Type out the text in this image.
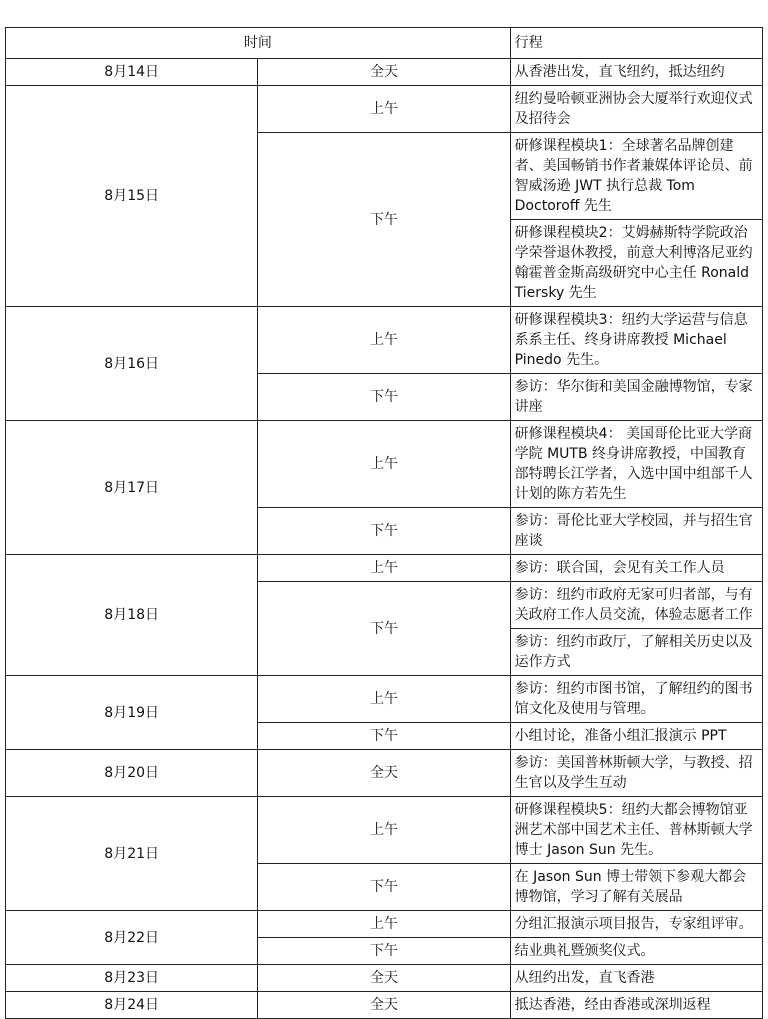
时间		行程
8月14日	全天	从香港出发，直飞纽约，抵达纽约
8月15日	上午	纽约曼哈顿亚洲协会大厦举行欢迎仪式及招待会
	下午	研修课程模块1：全球著名品牌创建者、美国畅销书作者兼媒体评论员、前智威汤逊 JWT 执行总裁 Tom Doctoroff 先生
		研修课程模块2：艾姆赫斯特学院政治学荣誉退休教授，前意大利博洛尼亚约翰霍普金斯高级研究中心主任 Ronald Tiersky 先生
8月16日	上午	研修课程模块3：纽约大学运营与信息系系主任、终身讲席教授 Michael Pinedo 先生。
	下午	参访：华尔街和美国金融博物馆，专家讲座
8月17日	上午	研修课程模块4： 美国哥伦比亚大学商学院 MUTB 终身讲席教授，中国教育部特聘长江学者，入选中国中组部千人计划的陈方若先生
	下午	参访：哥伦比亚大学校园，并与招生官座谈
8月18日	上午	参访：联合国，会见有关工作人员
	下午	参访：纽约市政府无家可归者部，与有关政府工作人员交流，体验志愿者工作
		参访：纽约市政厅，了解相关历史以及运作方式
8月19日	上午	参访：纽约市图书馆，了解纽约的图书馆文化及使用与管理。
	下午	小组讨论，准备小组汇报演示 PPT
8月20日	全天	参访：美国普林斯顿大学，与教授、招生官以及学生互动
8月21日	上午	研修课程模块5：纽约大都会博物馆亚洲艺术部中国艺术主任、普林斯顿大学博士 Jason Sun 先生。
	下午	在 Jason Sun 博士带领下参观大都会博物馆，学习了解有关展品
8月22日	上午	分组汇报演示项目报告，专家组评审。
	下午	结业典礼暨颁奖仪式。
8月23日	全天	从纽约出发，直飞香港
8月24日	全天	抵达香港，经由香港或深圳返程
